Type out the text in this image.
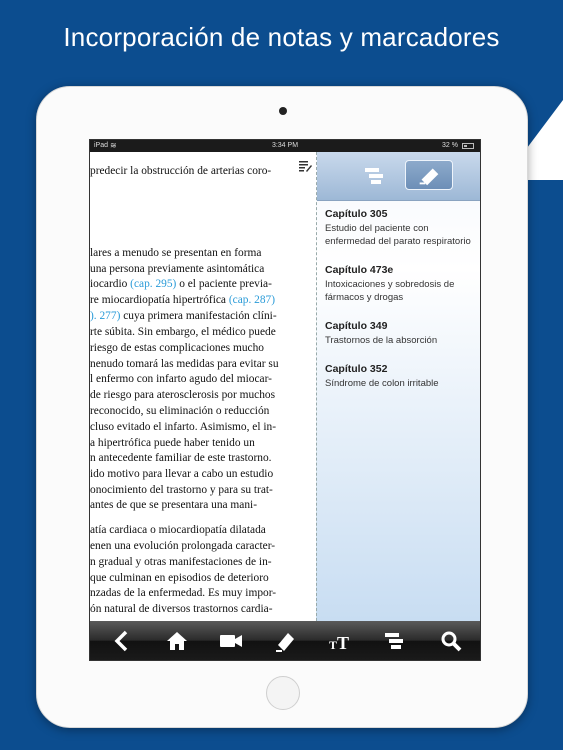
Incorporación de notas y marcadores
iPad ≋	3:34 PM	32 %
predecir la obstrucción de arterias coro-
lares a menudo se presentan en forma
una persona previamente asintomática
iocardio (cap. 295) o el paciente previa-
re miocardiopatía hipertrófica (cap. 287)
). 277) cuya primera manifestación clíni-
rte súbita. Sin embargo, el médico puede
riesgo de estas complicaciones mucho
nenudo tomará las medidas para evitar su
l enfermo con infarto agudo del miocar-
de riesgo para aterosclerosis por muchos
reconocido, su eliminación o reducción
cluso evitado el infarto. Asimismo, el in-
a hipertrófica puede haber tenido un
n antecedente familiar de este trastorno.
ido motivo para llevar a cabo un estudio
onocimiento del trastorno y para su trat-
antes de que se presentara una mani-
atía cardiaca o miocardiopatía dilatada
enen una evolución prolongada caracter-
n gradual y otras manifestaciones de in-
que culminan en episodios de deterioro
nzadas de la enfermedad. Es muy impor-
ón natural de diversos trastornos cardia-
Capítulo 305
Estudio del paciente con enfermedad del parato respiratorio
Capítulo 473e
Intoxicaciones y sobredosis de fármacos y drogas
Capítulo 349
Trastornos de la absorción
Capítulo 352
Síndrome de colon irritable
T T
